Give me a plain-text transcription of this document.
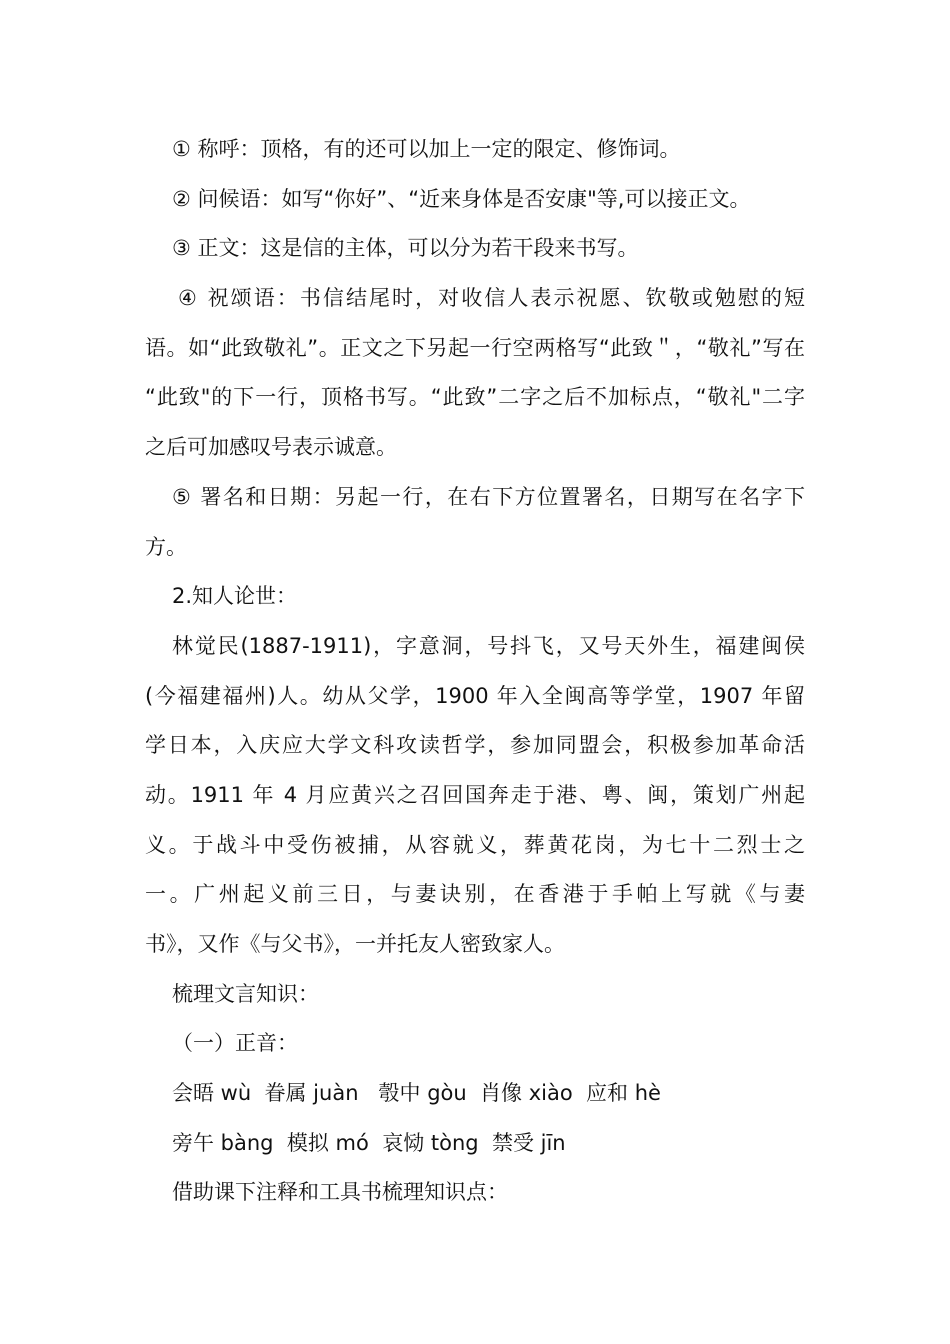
① 称呼：顶格，有的还可以加上一定的限定、修饰词。
② 问候语：如写“你好”、“近来身体是否安康"等,可以接正文。
③ 正文：这是信的主体，可以分为若干段来书写。
④ 祝颂语：书信结尾时，对收信人表示祝愿、钦敬或勉慰的短
语。如“此致敬礼”。正文之下另起一行空两格写“此致＂，“敬礼”写在
“此致"的下一行，顶格书写。“此致”二字之后不加标点，“敬礼"二字
之后可加感叹号表示诚意。
⑤ 署名和日期：另起一行，在右下方位置署名，日期写在名字下
方。
2.知人论世：
林觉民(1887-1911)，字意洞，号抖飞，又号天外生，福建闽侯
(今福建福州)人。幼从父学，1900 年入全闽高等学堂，1907 年留
学日本，入庆应大学文科攻读哲学，参加同盟会，积极参加革命活
动。1911 年 4 月应黄兴之召回国奔走于港、粤、闽，策划广州起
义。于战斗中受伤被捕，从容就义，葬黄花岗，为七十二烈士之
一。广州起义前三日，与妻诀别，在香港于手帕上写就《与妻
书》，又作《与父书》，一并托友人密致家人。
梳理文言知识：
（一）正音：
会晤 wù  眷属 juàn   彀中 gòu  肖像 xiào  应和 hè
旁午 bàng  模拟 mó  哀恸 tòng  禁受 jīn
借助课下注释和工具书梳理知识点：
